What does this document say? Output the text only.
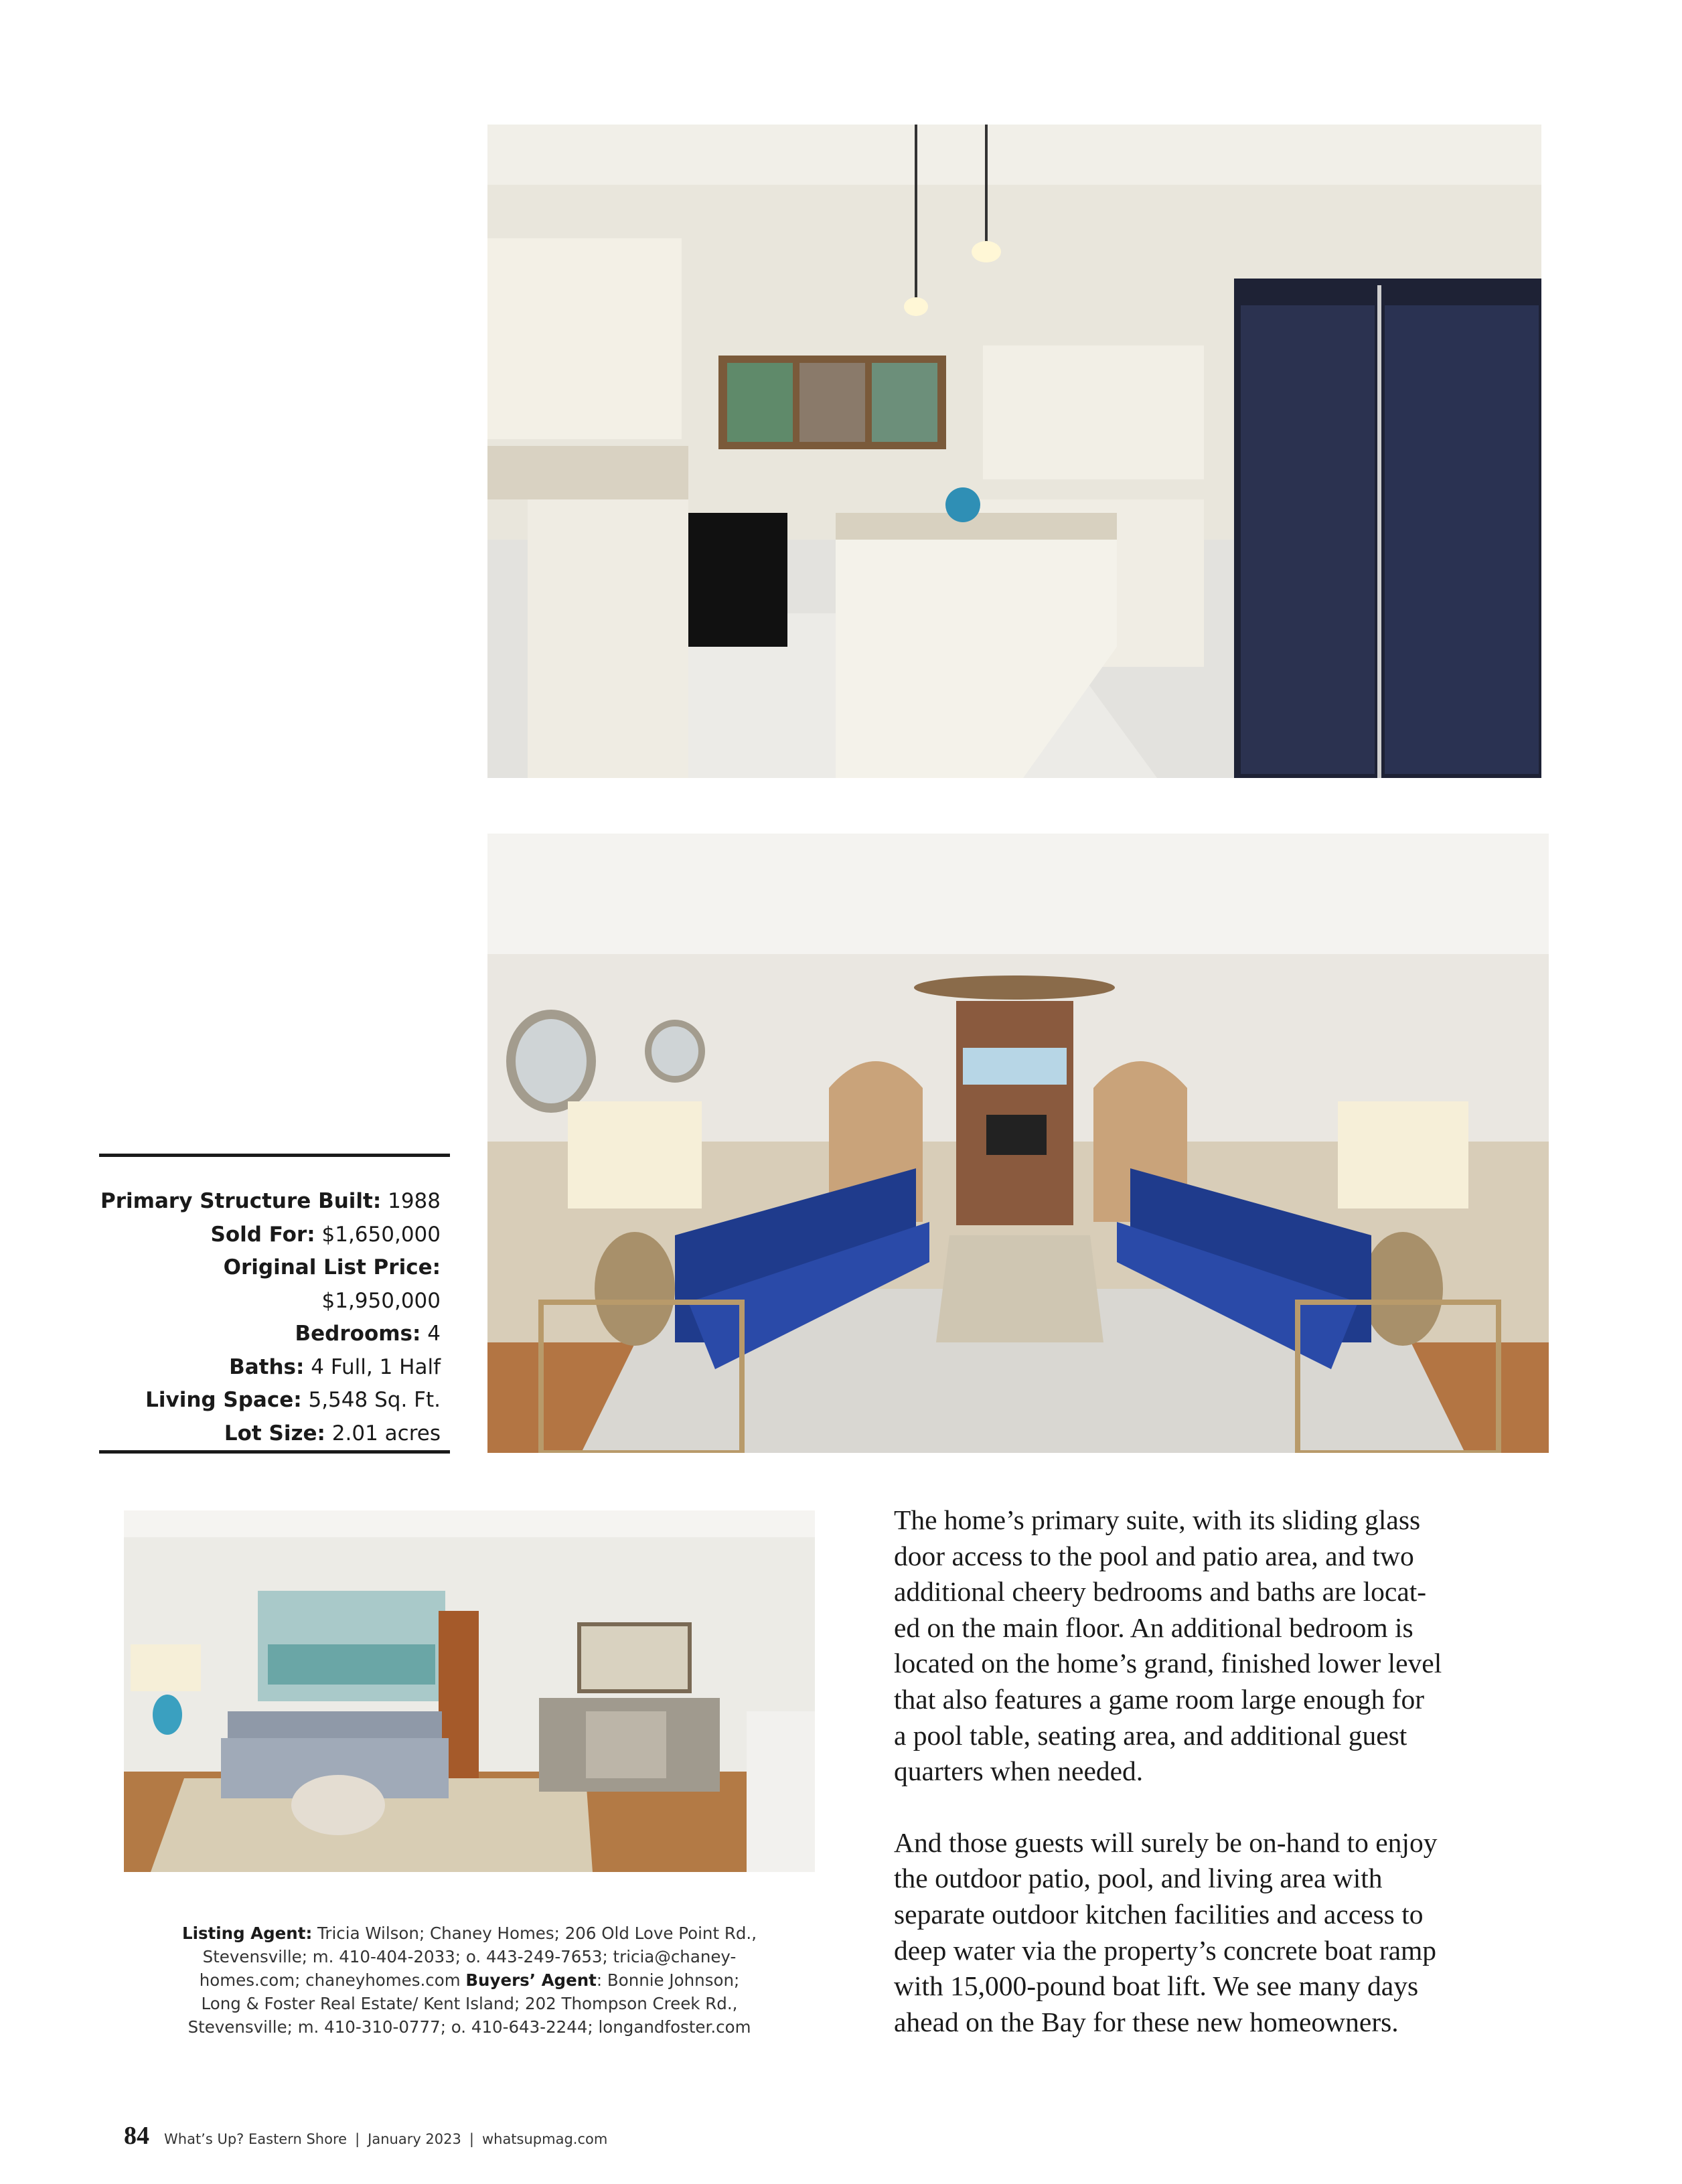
Primary Structure Built: 1988
Sold For: $1,650,000
Original List Price: $1,950,000
Bedrooms: 4
Baths: 4 Full, 1 Half
Living Space: 5,548 Sq. Ft.
Lot Size: 2.01 acres
Listing Agent: Tricia Wilson; Chaney Homes; 206 Old Love Point Rd.,
Stevensville; m. 410-404-2033; o. 443-249-7653; tricia@chaney-
homes.com; chaneyhomes.com Buyers’ Agent: Bonnie Johnson;
Long & Foster Real Estate/ Kent Island; 202 Thompson Creek Rd.,
Stevensville; m. 410-310-0777; o. 410-643-2244; longandfoster.com

The home’s primary suite, with its sliding glass

door access to the pool and patio area, and two

additional cheery bedrooms and baths are locat-

ed on the main floor. An additional bedroom is

located on the home’s grand, finished lower level

that also features a game room large enough for

a pool table, seating area, and additional guest

quarters when needed.

And those guests will surely be on-hand to enjoy

the outdoor patio, pool, and living area with

separate outdoor kitchen facilities and access to

deep water via the property’s concrete boat ramp

with 15,000-pound boat lift. We see many days

ahead on the Bay for these new homeowners.

84 What’s Up? Eastern Shore | January 2023 | whatsupmag.com
